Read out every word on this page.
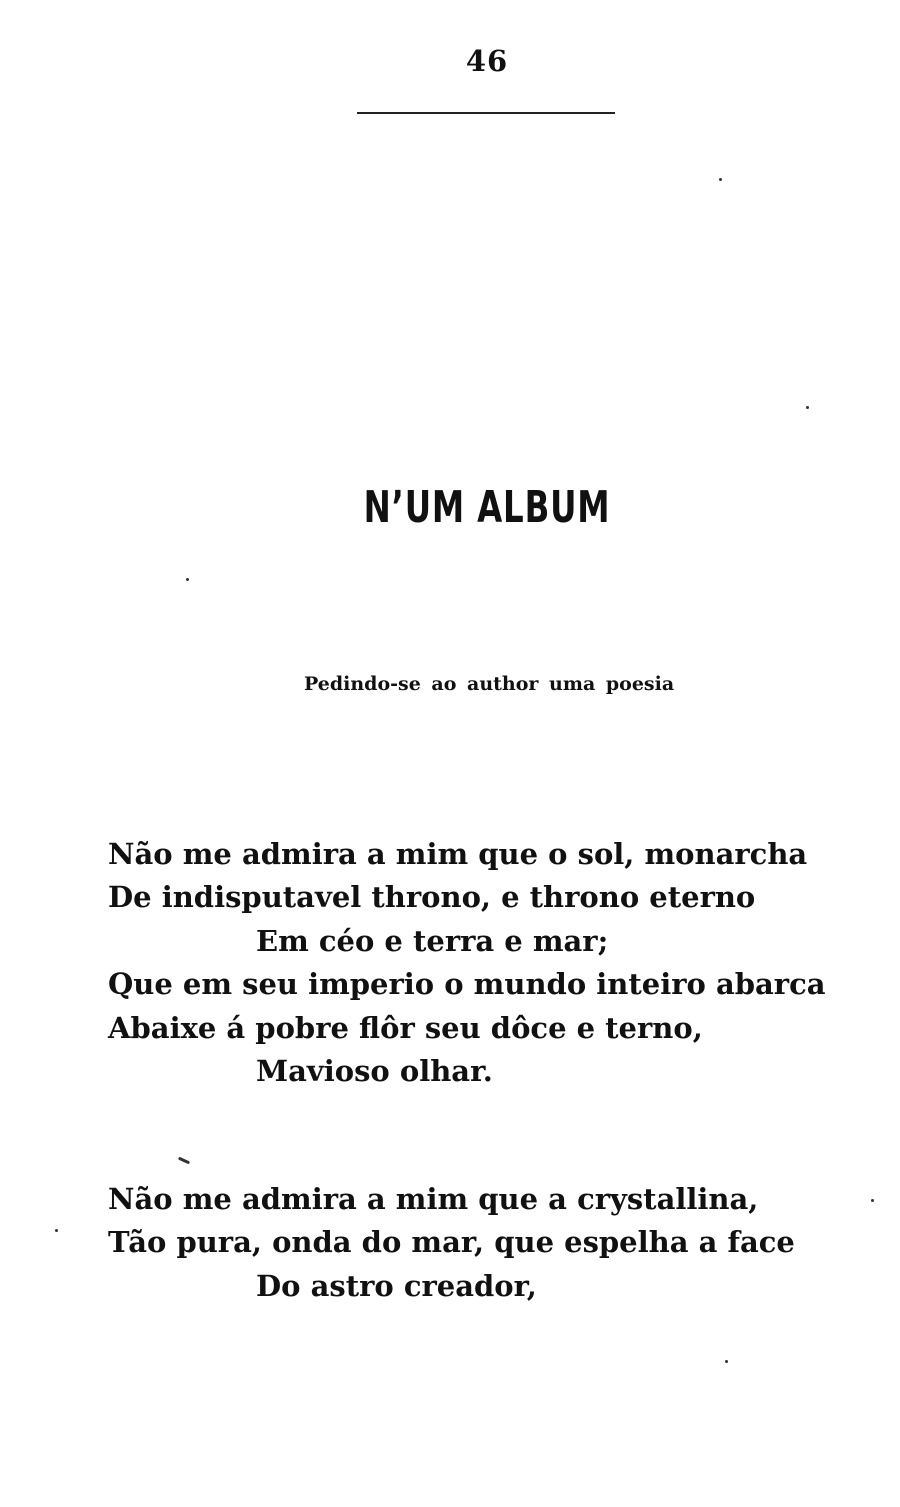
46
N’UM ALBUM
Pedindo-se ao author uma poesia
Não me admira a mim que o sol, monarcha
De indisputavel throno, e throno eterno
Em céo e terra e mar;
Que em seu imperio o mundo inteiro abarca
Abaixe á pobre flôr seu dôce e terno,
Mavioso olhar.
Não me admira a mim que a crystallina,
Tão pura, onda do mar, que espelha a face
Do astro creador,
